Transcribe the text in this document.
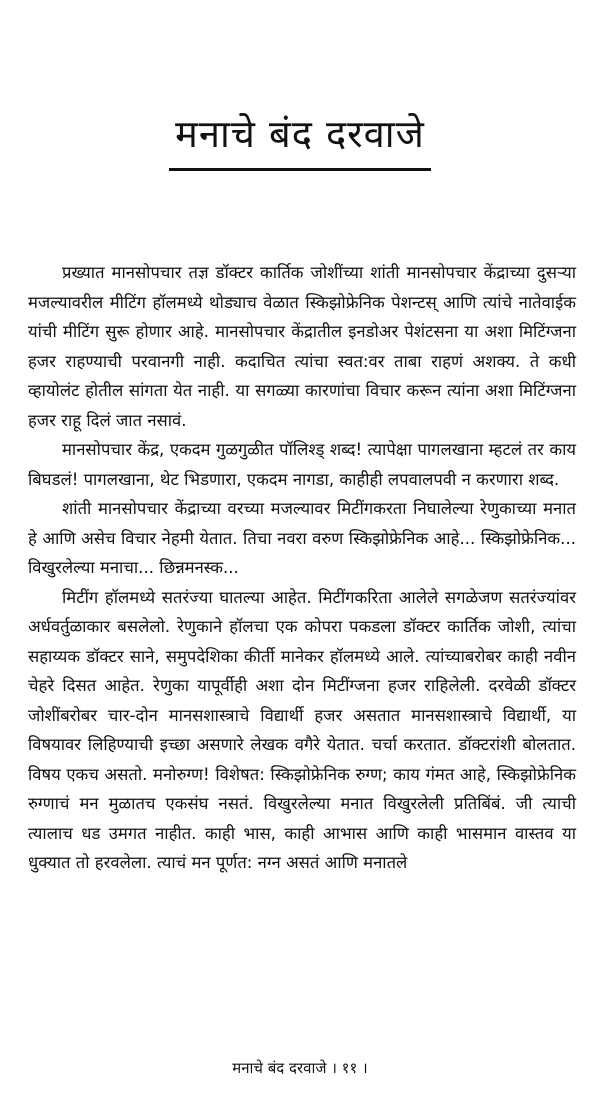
मनाचे बंद दरवाजे

प्रख्यात मानसोपचार तज्ञ डॉक्टर कार्तिक जोशींच्या शांती मानसोपचार केंद्राच्या दुसऱ्या मजल्यावरील मीटिंग हॉलमध्ये थोड्याच वेळात स्किझोफ्रेनिक पेशन्टस् आणि त्यांचे नातेवाईक यांची मीटिंग सुरू होणार आहे. मानसोपचार केंद्रातील इनडोअर पेशंटसना या अशा मिटिंग्जना हजर राहण्याची परवानगी नाही. कदाचित त्यांचा स्वत:वर ताबा राहणं अशक्य. ते कधी व्हायोलंट होतील सांगता येत नाही. या सगळ्या कारणांचा विचार करून त्यांना अशा मिटिंग्जना हजर राहू दिलं जात नसावं.

मानसोपचार केंद्र, एकदम गुळगुळीत पॉलिश्ड् शब्द! त्यापेक्षा पागलखाना म्हटलं तर काय बिघडलं! पागलखाना, थेट भिडणारा, एकदम नागडा, काहीही लपवालपवी न करणारा शब्द.

शांती मानसोपचार केंद्राच्या वरच्या मजल्यावर मिटींगकरता निघालेल्या रेणुकाच्या मनात हे आणि असेच विचार नेहमी येतात. तिचा नवरा वरुण स्किझोफ्रेनिक आहे... स्किझोफ्रेनिक... विखुरलेल्या मनाचा... छिन्नमनस्क...

मिटींग हॉलमध्ये सतरंज्या घातल्या आहेत. मिटींगकरिता आलेले सगळेजण सतरंज्यांवर अर्धवर्तुळाकार बसलेलो. रेणुकाने हॉलचा एक कोपरा पकडला डॉक्टर कार्तिक जोशी, त्यांचा सहाय्यक डॉक्टर साने, समुपदेशिका कीर्ती मानेकर हॉलमध्ये आले. त्यांच्याबरोबर काही नवीन चेहरे दिसत आहेत. रेणुका यापूर्वीही अशा दोन मिटींग्जना हजर राहिलेली. दरवेळी डॉक्टर जोशींबरोबर चार-दोन मानसशास्त्राचे विद्यार्थी हजर असतात मानसशास्त्राचे विद्यार्थी, या विषयावर लिहिण्याची इच्छा असणारे लेखक वगैरे येतात. चर्चा करतात. डॉक्टरांशी बोलतात. विषय एकच असतो. मनोरुग्ण! विशेषत: स्किझोफ्रेनिक रुग्ण; काय गंमत आहे, स्किझोफ्रेनिक रुग्णाचं मन मुळातच एकसंघ नसतं. विखुरलेल्या मनात विखुरलेली प्रतिबिंबं. जी त्याची त्यालाच धड उमगत नाहीत. काही भास, काही आभास आणि काही भासमान वास्तव या धुक्यात तो हरवलेला. त्याचं मन पूर्णत: नग्न असतं आणि मनातले

मनाचे बंद दरवाजे । ११ ।
